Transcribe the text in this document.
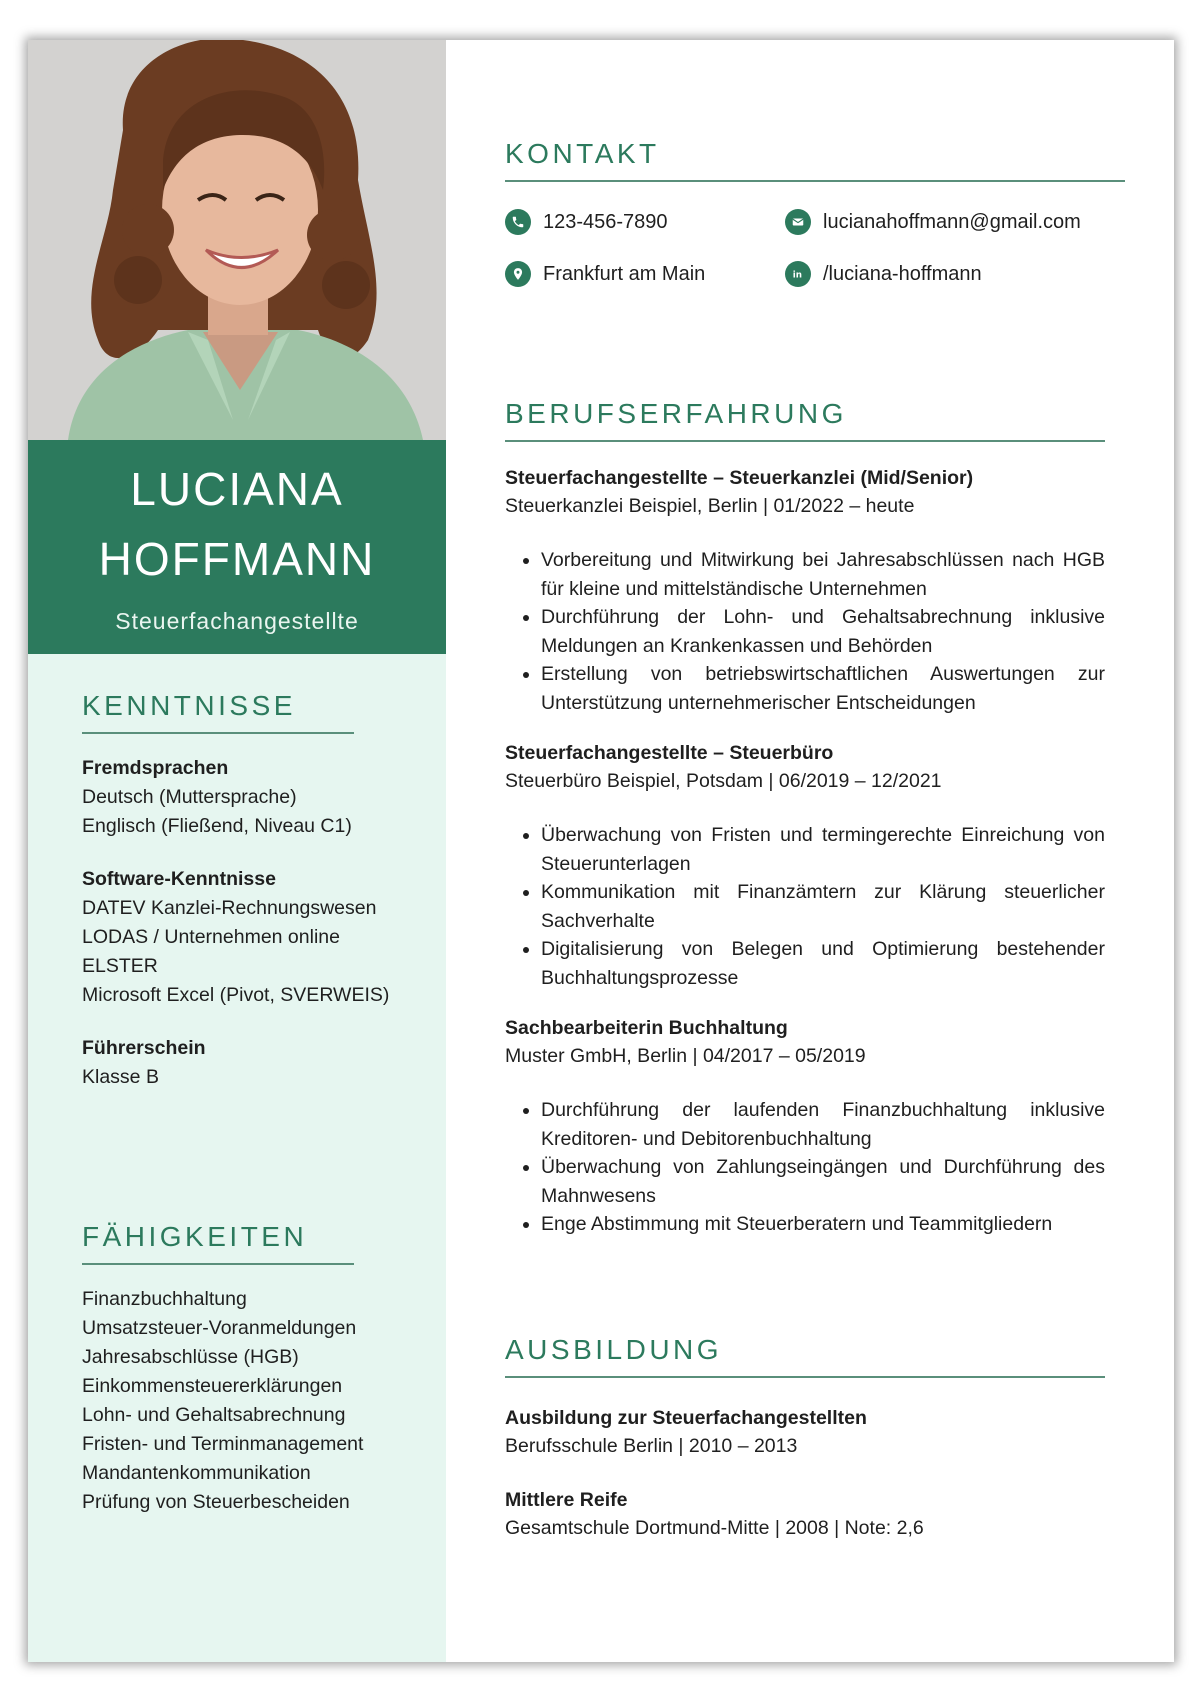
LUCIANA
HOFFMANN
Steuerfachangestellte
KENNTNISSE
Fremdsprachen
Deutsch (Muttersprache)
Englisch (Fließend, Niveau C1)
Software-Kenntnisse
DATEV Kanzlei-Rechnungswesen
LODAS / Unternehmen online
ELSTER
Microsoft Excel (Pivot, SVERWEIS)
Führerschein
Klasse B
FÄHIGKEITEN
Finanzbuchhaltung
Umsatzsteuer-Voranmeldungen
Jahresabschlüsse (HGB)
Einkommensteuererklärungen
Lohn- und Gehaltsabrechnung
Fristen- und Terminmanagement
Mandantenkommunikation
Prüfung von Steuerbescheiden
KONTAKT
123-456-7890	lucianahoffmann@gmail.com
Frankfurt am Main	in /luciana-hoffmann
BERUFSERFAHRUNG
Steuerfachangestellte – Steuerkanzlei (Mid/Senior)
Steuerkanzlei Beispiel, Berlin | 01/2022 – heute
• Vorbereitung und Mitwirkung bei Jahresabschlüssen nach HGB für kleine und mittelständische Unternehmen
• Durchführung der Lohn- und Gehaltsabrechnung inklusive Meldungen an Krankenkassen und Behörden
• Erstellung von betriebswirtschaftlichen Auswertungen zur Unterstützung unternehmerischer Entscheidungen
Steuerfachangestellte – Steuerbüro
Steuerbüro Beispiel, Potsdam | 06/2019 – 12/2021
• Überwachung von Fristen und termingerechte Einreichung von Steuerunterlagen
• Kommunikation mit Finanzämtern zur Klärung steuerlicher Sachverhalte
• Digitalisierung von Belegen und Optimierung bestehender Buchhaltungsprozesse
Sachbearbeiterin Buchhaltung
Muster GmbH, Berlin | 04/2017 – 05/2019
• Durchführung der laufenden Finanzbuchhaltung inklusive Kreditoren- und Debitorenbuchhaltung
• Überwachung von Zahlungseingängen und Durchführung des Mahnwesens
• Enge Abstimmung mit Steuerberatern und Teammitgliedern
AUSBILDUNG
Ausbildung zur Steuerfachangestellten
Berufsschule Berlin | 2010 – 2013
Mittlere Reife
Gesamtschule Dortmund-Mitte | 2008 | Note: 2,6
